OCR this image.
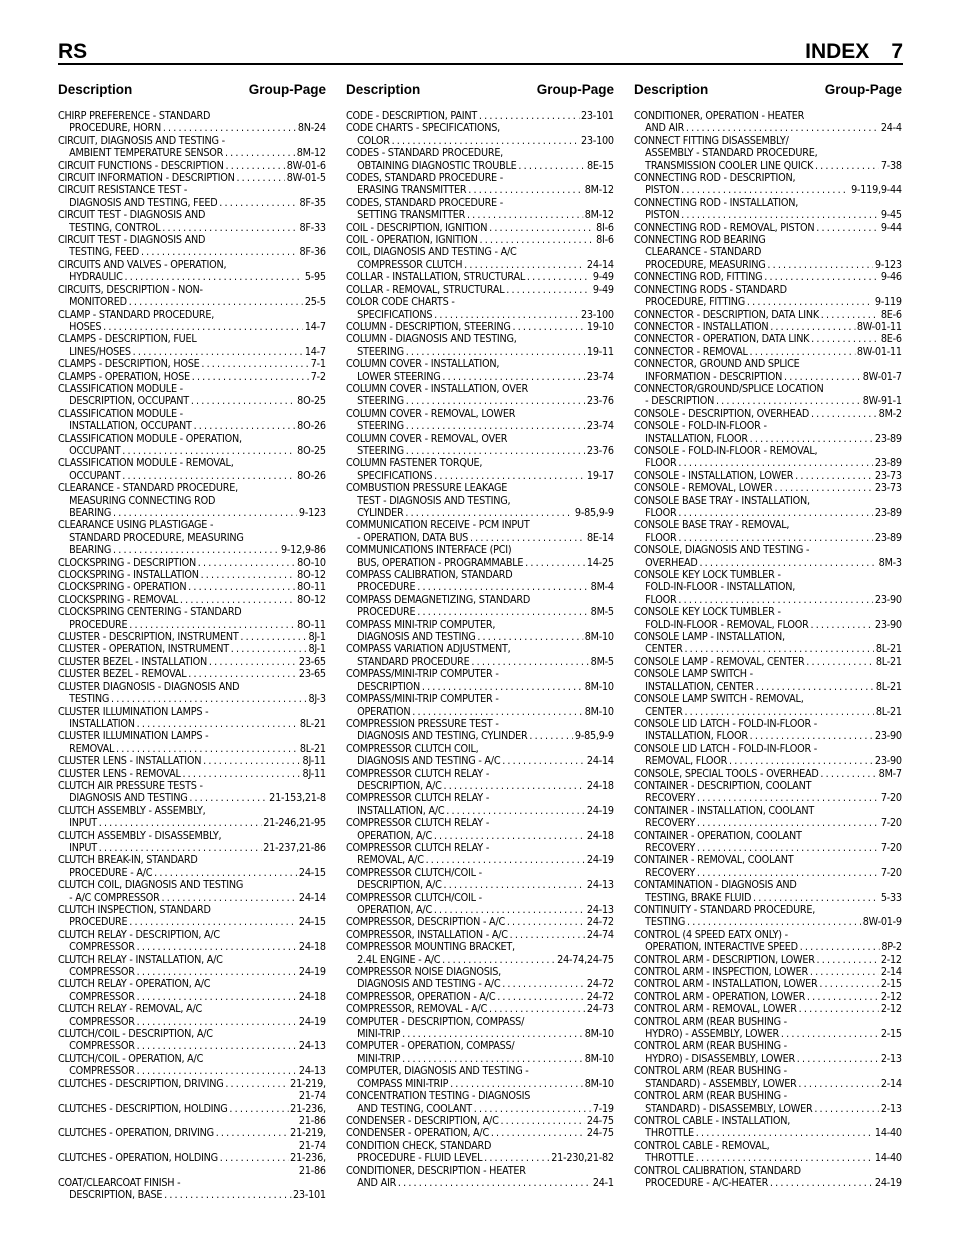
RS	INDEX 7
Description	Group-Page
CHIRP PREFERENCE - STANDARD
PROCEDURE, HORN . . .	8N-24
CIRCUIT, DIAGNOSIS AND TESTING -
AMBIENT TEMPERATURE SENSOR . . .	8M-12
CIRCUIT FUNCTIONS - DESCRIPTION . . .	8W-01-6
CIRCUIT INFORMATION - DESCRIPTION . . .	8W-01-5
CIRCUIT RESISTANCE TEST -
DIAGNOSIS AND TESTING, FEED . . .	8F-35
CIRCUIT TEST - DIAGNOSIS AND
TESTING, CONTROL . . .	8F-33
CIRCUIT TEST - DIAGNOSIS AND
TESTING, FEED . . .	8F-36
CIRCUITS AND VALVES - OPERATION,
HYDRAULIC . . .	5-95
CIRCUITS, DESCRIPTION - NON-
MONITORED . . .	25-5
CLAMP - STANDARD PROCEDURE,
HOSES . . .	14-7
CLAMPS - DESCRIPTION, FUEL
LINES/HOSES . . .	14-7
CLAMPS - DESCRIPTION, HOSE . . .	7-1
CLAMPS - OPERATION, HOSE . . .	7-2
CLASSIFICATION MODULE -
DESCRIPTION, OCCUPANT . . .	8O-25
CLASSIFICATION MODULE -
INSTALLATION, OCCUPANT . . .	8O-26
CLASSIFICATION MODULE - OPERATION,
OCCUPANT . . .	8O-25
CLASSIFICATION MODULE - REMOVAL,
OCCUPANT . . .	8O-26
CLEARANCE - STANDARD PROCEDURE,
MEASURING CONNECTING ROD
BEARING . . .	9-123
CLEARANCE USING PLASTIGAGE -
STANDARD PROCEDURE, MEASURING
BEARING . . .	9-12,9-86
CLOCKSPRING - DESCRIPTION . . .	8O-10
CLOCKSPRING - INSTALLATION . . .	8O-12
CLOCKSPRING - OPERATION . . .	8O-11
CLOCKSPRING - REMOVAL . . .	8O-12
CLOCKSPRING CENTERING - STANDARD
PROCEDURE . . .	8O-11
CLUSTER - DESCRIPTION, INSTRUMENT . . .	8J-1
CLUSTER - OPERATION, INSTRUMENT . . .	8J-1
CLUSTER BEZEL - INSTALLATION . . .	23-65
CLUSTER BEZEL - REMOVAL . . .	23-65
CLUSTER DIAGNOSIS - DIAGNOSIS AND
TESTING . . .	8J-3
CLUSTER ILLUMINATION LAMPS -
INSTALLATION . . .	8L-21
CLUSTER ILLUMINATION LAMPS -
REMOVAL . . .	8L-21
CLUSTER LENS - INSTALLATION . . .	8J-11
CLUSTER LENS - REMOVAL . . .	8J-11
CLUTCH AIR PRESSURE TESTS -
DIAGNOSIS AND TESTING . . .	21-153,21-8
CLUTCH ASSEMBLY - ASSEMBLY,
INPUT . . .	21-246,21-95
CLUTCH ASSEMBLY - DISASSEMBLY,
INPUT . . .	21-237,21-86
CLUTCH BREAK-IN, STANDARD
PROCEDURE - A/C . . .	24-15
CLUTCH COIL, DIAGNOSIS AND TESTING
- A/C COMPRESSOR . . .	24-14
CLUTCH INSPECTION, STANDARD
PROCEDURE . . .	24-15
CLUTCH RELAY - DESCRIPTION, A/C
COMPRESSOR . . .	24-18
CLUTCH RELAY - INSTALLATION, A/C
COMPRESSOR . . .	24-19
CLUTCH RELAY - OPERATION, A/C
COMPRESSOR . . .	24-18
CLUTCH RELAY - REMOVAL, A/C
COMPRESSOR . . .	24-19
CLUTCH/COIL - DESCRIPTION, A/C
COMPRESSOR . . .	24-13
CLUTCH/COIL - OPERATION, A/C
COMPRESSOR . . .	24-13
CLUTCHES - DESCRIPTION, DRIVING . . .	21-219,
21-74
CLUTCHES - DESCRIPTION, HOLDING . . .	21-236,
21-86
CLUTCHES - OPERATION, DRIVING . . .	21-219,
21-74
CLUTCHES - OPERATION, HOLDING . . .	21-236,
21-86
COAT/CLEARCOAT FINISH -
DESCRIPTION, BASE . . .	23-101
Description	Group-Page
CODE - DESCRIPTION, PAINT . . .	23-101
CODE CHARTS - SPECIFICATIONS,
COLOR . . .	23-100
CODES - STANDARD PROCEDURE,
OBTAINING DIAGNOSTIC TROUBLE . . .	8E-15
CODES, STANDARD PROCEDURE -
ERASING TRANSMITTER . . .	8M-12
CODES, STANDARD PROCEDURE -
SETTING TRANSMITTER . . .	8M-12
COIL - DESCRIPTION, IGNITION . . .	8I-6
COIL - OPERATION, IGNITION . . .	8I-6
COIL, DIAGNOSIS AND TESTING - A/C
COMPRESSOR CLUTCH . . .	24-14
COLLAR - INSTALLATION, STRUCTURAL . . .	9-49
COLLAR - REMOVAL, STRUCTURAL . . .	9-49
COLOR CODE CHARTS -
SPECIFICATIONS . . .	23-100
COLUMN - DESCRIPTION, STEERING . . .	19-10
COLUMN - DIAGNOSIS AND TESTING,
STEERING . . .	19-11
COLUMN COVER - INSTALLATION,
LOWER STEERING . . .	23-74
COLUMN COVER - INSTALLATION, OVER
STEERING . . .	23-76
COLUMN COVER - REMOVAL, LOWER
STEERING . . .	23-74
COLUMN COVER - REMOVAL, OVER
STEERING . . .	23-76
COLUMN FASTENER TORQUE,
SPECIFICATIONS . . .	19-17
COMBUSTION PRESSURE LEAKAGE
TEST - DIAGNOSIS AND TESTING,
CYLINDER . . .	9-85,9-9
COMMUNICATION RECEIVE - PCM INPUT
- OPERATION, DATA BUS . . .	8E-14
COMMUNICATIONS INTERFACE (PCI)
BUS, OPERATION - PROGRAMMABLE . . .	14-25
COMPASS CALIBRATION, STANDARD
PROCEDURE . . .	8M-4
COMPASS DEMAGNETIZING, STANDARD
PROCEDURE . . .	8M-5
COMPASS MINI-TRIP COMPUTER,
DIAGNOSIS AND TESTING . . .	8M-10
COMPASS VARIATION ADJUSTMENT,
STANDARD PROCEDURE . . .	8M-5
COMPASS/MINI-TRIP COMPUTER -
DESCRIPTION . . .	8M-10
COMPASS/MINI-TRIP COMPUTER -
OPERATION . . .	8M-10
COMPRESSION PRESSURE TEST -
DIAGNOSIS AND TESTING, CYLINDER . . .	9-85,9-9
COMPRESSOR CLUTCH COIL,
DIAGNOSIS AND TESTING - A/C . . .	24-14
COMPRESSOR CLUTCH RELAY -
DESCRIPTION, A/C . . .	24-18
COMPRESSOR CLUTCH RELAY -
INSTALLATION, A/C . . .	24-19
COMPRESSOR CLUTCH RELAY -
OPERATION, A/C . . .	24-18
COMPRESSOR CLUTCH RELAY -
REMOVAL, A/C . . .	24-19
COMPRESSOR CLUTCH/COIL -
DESCRIPTION, A/C . . .	24-13
COMPRESSOR CLUTCH/COIL -
OPERATION, A/C . . .	24-13
COMPRESSOR, DESCRIPTION - A/C . . .	24-72
COMPRESSOR, INSTALLATION - A/C . . .	24-74
COMPRESSOR MOUNTING BRACKET,
2.4L ENGINE - A/C . . .	24-74,24-75
COMPRESSOR NOISE DIAGNOSIS,
DIAGNOSIS AND TESTING - A/C . . .	24-72
COMPRESSOR, OPERATION - A/C . . .	24-72
COMPRESSOR, REMOVAL - A/C . . .	24-73
COMPUTER - DESCRIPTION, COMPASS/
MINI-TRIP . . .	8M-10
COMPUTER - OPERATION, COMPASS/
MINI-TRIP . . .	8M-10
COMPUTER, DIAGNOSIS AND TESTING -
COMPASS MINI-TRIP . . .	8M-10
CONCENTRATION TESTING - DIAGNOSIS
AND TESTING, COOLANT . . .	7-19
CONDENSER - DESCRIPTION, A/C . . .	24-75
CONDENSER - OPERATION, A/C . . .	24-75
CONDITION CHECK, STANDARD
PROCEDURE - FLUID LEVEL . . .	21-230,21-82
CONDITIONER, DESCRIPTION - HEATER
AND AIR . . .	24-1
Description	Group-Page
CONDITIONER, OPERATION - HEATER
AND AIR . . .	24-4
CONNECT FITTING DISASSEMBLY/
ASSEMBLY - STANDARD PROCEDURE,
TRANSMISSION COOLER LINE QUICK . . .	7-38
CONNECTING ROD - DESCRIPTION,
PISTON . . .	9-119,9-44
CONNECTING ROD - INSTALLATION,
PISTON . . .	9-45
CONNECTING ROD - REMOVAL, PISTON . . .	9-44
CONNECTING ROD BEARING
CLEARANCE - STANDARD
PROCEDURE, MEASURING . . .	9-123
CONNECTING ROD, FITTING . . .	9-46
CONNECTING RODS - STANDARD
PROCEDURE, FITTING . . .	9-119
CONNECTOR - DESCRIPTION, DATA LINK . . .	8E-6
CONNECTOR - INSTALLATION . . .	8W-01-11
CONNECTOR - OPERATION, DATA LINK . . .	8E-6
CONNECTOR - REMOVAL . . .	8W-01-11
CONNECTOR, GROUND AND SPLICE
INFORMATION - DESCRIPTION . . .	8W-01-7
CONNECTOR/GROUND/SPLICE LOCATION
- DESCRIPTION . . .	8W-91-1
CONSOLE - DESCRIPTION, OVERHEAD . . .	8M-2
CONSOLE - FOLD-IN-FLOOR -
INSTALLATION, FLOOR . . .	23-89
CONSOLE - FOLD-IN-FLOOR - REMOVAL,
FLOOR . . .	23-89
CONSOLE - INSTALLATION, LOWER . . .	23-73
CONSOLE - REMOVAL, LOWER . . .	23-73
CONSOLE BASE TRAY - INSTALLATION,
FLOOR . . .	23-89
CONSOLE BASE TRAY - REMOVAL,
FLOOR . . .	23-89
CONSOLE, DIAGNOSIS AND TESTING -
OVERHEAD . . .	8M-3
CONSOLE KEY LOCK TUMBLER -
FOLD-IN-FLOOR - INSTALLATION,
FLOOR . . .	23-90
CONSOLE KEY LOCK TUMBLER -
FOLD-IN-FLOOR - REMOVAL, FLOOR . . .	23-90
CONSOLE LAMP - INSTALLATION,
CENTER . . .	8L-21
CONSOLE LAMP - REMOVAL, CENTER . . .	8L-21
CONSOLE LAMP SWITCH -
INSTALLATION, CENTER . . .	8L-21
CONSOLE LAMP SWITCH - REMOVAL,
CENTER . . .	8L-21
CONSOLE LID LATCH - FOLD-IN-FLOOR -
INSTALLATION, FLOOR . . .	23-90
CONSOLE LID LATCH - FOLD-IN-FLOOR -
REMOVAL, FLOOR . . .	23-90
CONSOLE, SPECIAL TOOLS - OVERHEAD . . .	8M-7
CONTAINER - DESCRIPTION, COOLANT
RECOVERY . . .	7-20
CONTAINER - INSTALLATION, COOLANT
RECOVERY . . .	7-20
CONTAINER - OPERATION, COOLANT
RECOVERY . . .	7-20
CONTAINER - REMOVAL, COOLANT
RECOVERY . . .	7-20
CONTAMINATION - DIAGNOSIS AND
TESTING, BRAKE FLUID . . .	5-33
CONTINUITY - STANDARD PROCEDURE,
TESTING . . .	8W-01-9
CONTROL (4 SPEED EATX ONLY) -
OPERATION, INTERACTIVE SPEED . . .	8P-2
CONTROL ARM - DESCRIPTION, LOWER . . .	2-12
CONTROL ARM - INSPECTION, LOWER . . .	2-14
CONTROL ARM - INSTALLATION, LOWER . . .	2-15
CONTROL ARM - OPERATION, LOWER . . .	2-12
CONTROL ARM - REMOVAL, LOWER . . .	2-12
CONTROL ARM (REAR BUSHING -
HYDRO) - ASSEMBLY, LOWER . . .	2-15
CONTROL ARM (REAR BUSHING -
HYDRO) - DISASSEMBLY, LOWER . . .	2-13
CONTROL ARM (REAR BUSHING -
STANDARD) - ASSEMBLY, LOWER . . .	2-14
CONTROL ARM (REAR BUSHING -
STANDARD) - DISASSEMBLY, LOWER . . .	2-13
CONTROL CABLE - INSTALLATION,
THROTTLE . . .	14-40
CONTROL CABLE - REMOVAL,
THROTTLE . . .	14-40
CONTROL CALIBRATION, STANDARD
PROCEDURE - A/C-HEATER . . .	24-19
